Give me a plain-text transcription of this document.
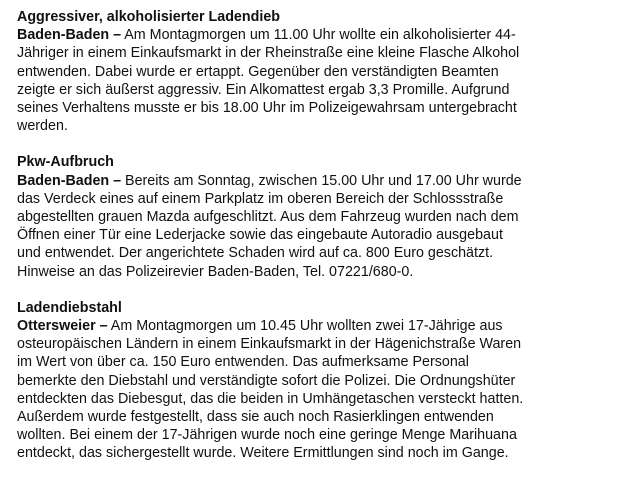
Aggressiver, alkoholisierter Ladendieb

Baden-Baden – Am Montagmorgen um 11.00 Uhr wollte ein alkoholisierter 44-
Jähriger in einem Einkaufsmarkt in der Rheinstraße eine kleine Flasche Alkohol
entwenden. Dabei wurde er ertappt. Gegenüber den verständigten Beamten
zeigte er sich äußerst aggressiv. Ein Alkomattest ergab 3,3 Promille. Aufgrund
seines Verhaltens musste er bis 18.00 Uhr im Polizeigewahrsam untergebracht
werden.

Pkw-Aufbruch

Baden-Baden – Bereits am Sonntag, zwischen 15.00 Uhr und 17.00 Uhr wurde
das Verdeck eines auf einem Parkplatz im oberen Bereich der Schlossstraße
abgestellten grauen Mazda aufgeschlitzt. Aus dem Fahrzeug wurden nach dem
Öffnen einer Tür eine Lederjacke sowie das eingebaute Autoradio ausgebaut
und entwendet. Der angerichtete Schaden wird auf ca. 800 Euro geschätzt.
Hinweise an das Polizeirevier Baden-Baden, Tel. 07221/680-0.

Ladendiebstahl

Ottersweier – Am Montagmorgen um 10.45 Uhr wollten zwei 17-Jährige aus
osteuropäischen Ländern in einem Einkaufsmarkt in der Hägenichstraße Waren
im Wert von über ca. 150 Euro entwenden. Das aufmerksame Personal
bemerkte den Diebstahl und verständigte sofort die Polizei. Die Ordnungshüter
entdeckten das Diebesgut, das die beiden in Umhängetaschen versteckt hatten.
Außerdem wurde festgestellt, dass sie auch noch Rasierklingen entwenden
wollten. Bei einem der 17-Jährigen wurde noch eine geringe Menge Marihuana
entdeckt, das sichergestellt wurde. Weitere Ermittlungen sind noch im Gange.
